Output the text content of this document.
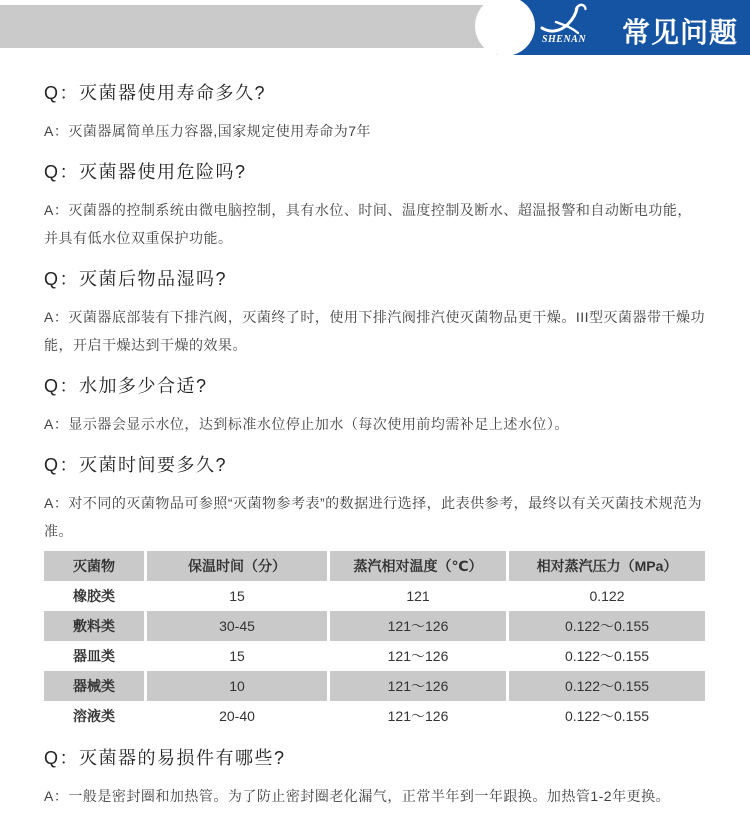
SHENAN 常见问题

Q：灭菌器使用寿命多久?

A：灭菌器属简单压力容器,国家规定使用寿命为7年

Q：灭菌器使用危险吗?

A：灭菌器的控制系统由微电脑控制，具有水位、时间、温度控制及断水、超温报警和自动断电功能，并具有低水位双重保护功能。

Q：灭菌后物品湿吗?

A：灭菌器底部装有下排汽阀，灭菌终了时，使用下排汽阀排汽使灭菌物品更干燥。III型灭菌器带干燥功能，开启干燥达到干燥的效果。

Q：水加多少合适?

A：显示器会显示水位，达到标准水位停止加水（每次使用前均需补足上述水位）。

Q：灭菌时间要多久?

A：对不同的灭菌物品可参照“灭菌物参考表”的数据进行选择，此表供参考，最终以有关灭菌技术规范为准。

灭菌物	保温时间（分）	蒸汽相对温度（℃）	相对蒸汽压力（MPa）
橡胶类	15	121	0.122
敷料类	30-45	121～126	0.122～0.155
器皿类	15	121～126	0.122～0.155
器械类	10	121～126	0.122～0.155
溶液类	20-40	121～126	0.122～0.155

Q：灭菌器的易损件有哪些?

A：一般是密封圈和加热管。为了防止密封圈老化漏气，正常半年到一年跟换。加热管1-2年更换。
